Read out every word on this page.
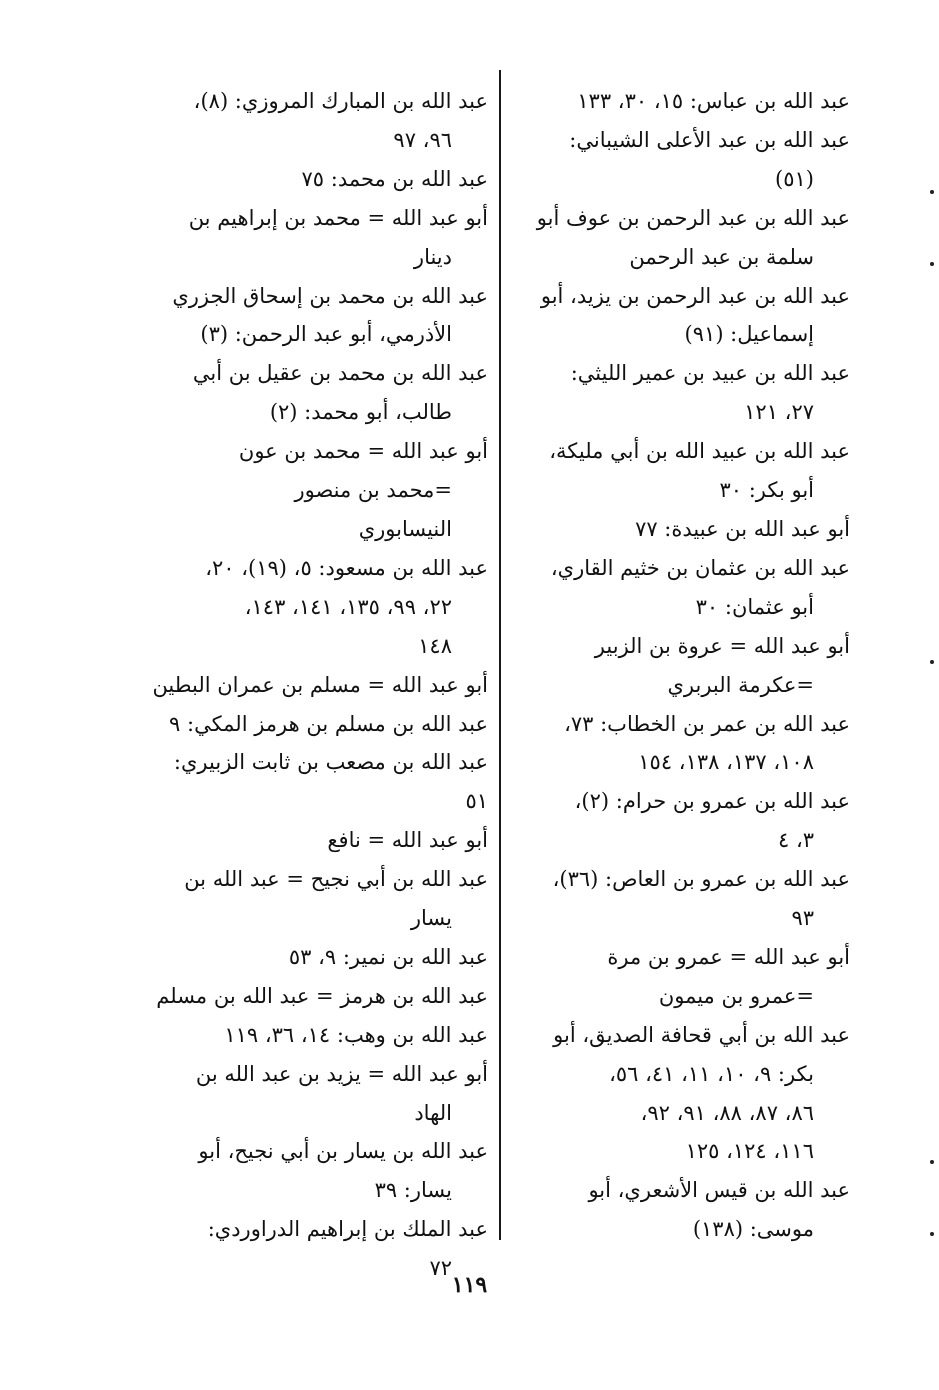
عبد الله بن عباس: ١٥، ٣٠، ١٣٣
عبد الله بن عبد الأعلى الشيباني:
(٥١)
عبد الله بن عبد الرحمن بن عوف أبو
سلمة بن عبد الرحمن
عبد الله بن عبد الرحمن بن يزيد، أبو
إسماعيل: (٩١)
عبد الله بن عبيد بن عمير الليثي:
٢٧، ١٢١
عبد الله بن عبيد الله بن أبي مليكة،
أبو بكر: ٣٠
أبو عبد الله بن عبيدة: ٧٧
عبد الله بن عثمان بن خثيم القاري،
أبو عثمان: ٣٠
أبو عبد الله = عروة بن الزبير
=عكرمة البربري
عبد الله بن عمر بن الخطاب: ٧٣،
١٠٨، ١٣٧، ١٣٨، ١٥٤
عبد الله بن عمرو بن حرام: (٢)،
٣، ٤
عبد الله بن عمرو بن العاص: (٣٦)،
٩٣
أبو عبد الله = عمرو بن مرة
=عمرو بن ميمون
عبد الله بن أبي قحافة الصديق، أبو
بكر: ٩، ١٠، ١١، ٤١، ٥٦،
٨٦، ٨٧، ٨٨، ٩١، ٩٢،
١١٦، ١٢٤، ١٢٥
عبد الله بن قيس الأشعري، أبو
موسى: (١٣٨)
عبد الله بن المبارك المروزي: (٨)،
٩٦، ٩٧
عبد الله بن محمد: ٧٥
أبو عبد الله = محمد بن إبراهيم بن
دينار
عبد الله بن محمد بن إسحاق الجزري
الأذرمي، أبو عبد الرحمن: (٣)
عبد الله بن محمد بن عقيل بن أبي
طالب، أبو محمد: (٢)
أبو عبد الله = محمد بن عون
=محمد بن منصور
النيسابوري
عبد الله بن مسعود: ٥، (١٩)، ٢٠،
٢٢، ٩٩، ١٣٥، ١٤١، ١٤٣،
١٤٨
أبو عبد الله = مسلم بن عمران البطين
عبد الله بن مسلم بن هرمز المكي: ٩
عبد الله بن مصعب بن ثابت الزبيري: ٥١
أبو عبد الله = نافع
عبد الله بن أبي نجيح = عبد الله بن
يسار
عبد الله بن نمير: ٩، ٥٣
عبد الله بن هرمز = عبد الله بن مسلم
عبد الله بن وهب: ١٤، ٣٦، ١١٩
أبو عبد الله = يزيد بن عبد الله بن
الهاد
عبد الله بن يسار بن أبي نجيح، أبو
يسار: ٣٩
عبد الملك بن إبراهيم الدراوردي:
٧٢
١١٩
